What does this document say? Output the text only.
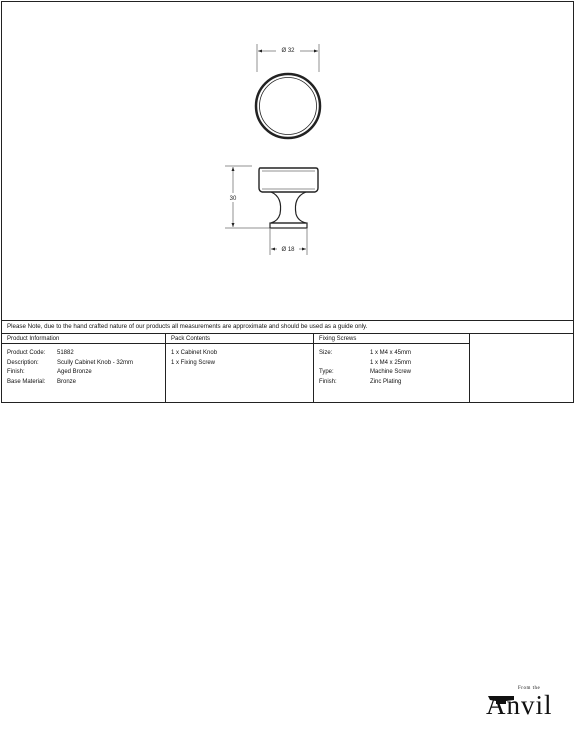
Ø 32
30
Ø 18
Please Note, due to the hand crafted nature of our products all measurements are approximate and should be used as a guide only.
Product Information
Product Code:	51882
Description:	Scully Cabinet Knob - 32mm
Finish:	Aged Bronze
Base Material:	Bronze
Pack Contents
1 x Cabinet Knob
1 x Fixing Screw
Fixing Screws
Size:	1 x M4 x 45mm
1 x M4 x 25mm
Type:	Machine Screw
Finish:	Zinc Plating
From the
Anvil
